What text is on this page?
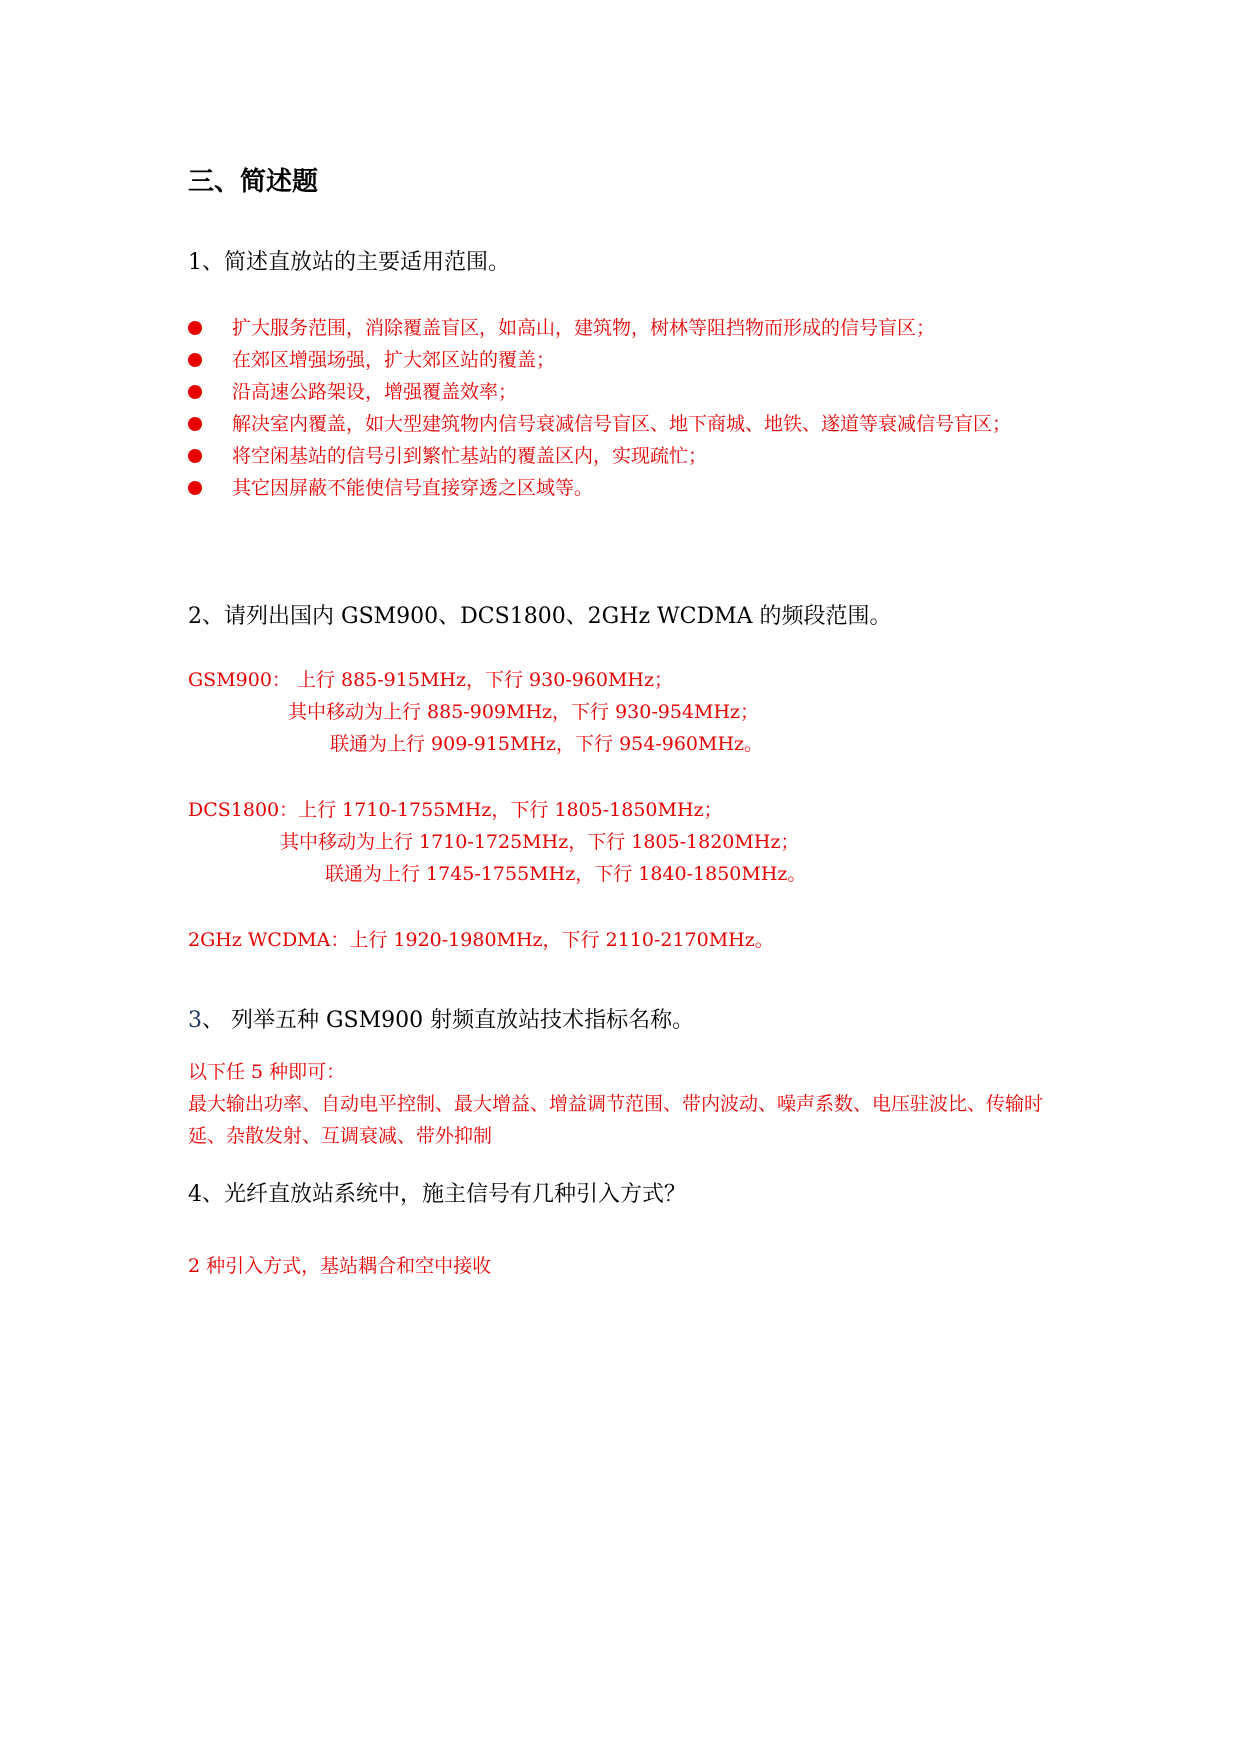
三、简述题
1、简述直放站的主要适用范围。
扩大服务范围，消除覆盖盲区，如高山，建筑物，树林等阻挡物而形成的信号盲区；
在郊区增强场强，扩大郊区站的覆盖；
沿高速公路架设，增强覆盖效率；
解决室内覆盖，如大型建筑物内信号衰减信号盲区、地下商城、地铁、遂道等衰减信号盲区；
将空闲基站的信号引到繁忙基站的覆盖区内，实现疏忙；
其它因屏蔽不能使信号直接穿透之区域等。
2、请列出国内 GSM900、DCS1800、2GHz WCDMA 的频段范围。
GSM900： 上行 885-915MHz，下行 930-960MHz；
其中移动为上行 885-909MHz，下行 930-954MHz；
联通为上行 909-915MHz，下行 954-960MHz。
DCS1800：上行 1710-1755MHz，下行 1805-1850MHz；
其中移动为上行 1710-1725MHz，下行 1805-1820MHz；
联通为上行 1745-1755MHz，下行 1840-1850MHz。
2GHz WCDMA：上行 1920-1980MHz，下行 2110-2170MHz。
3、 列举五种 GSM900 射频直放站技术指标名称。
以下任 5 种即可：
最大输出功率、自动电平控制、最大增益、增益调节范围、带内波动、噪声系数、电压驻波比、传输时延、杂散发射、互调衰减、带外抑制
4、光纤直放站系统中，施主信号有几种引入方式？
2 种引入方式，基站耦合和空中接收
